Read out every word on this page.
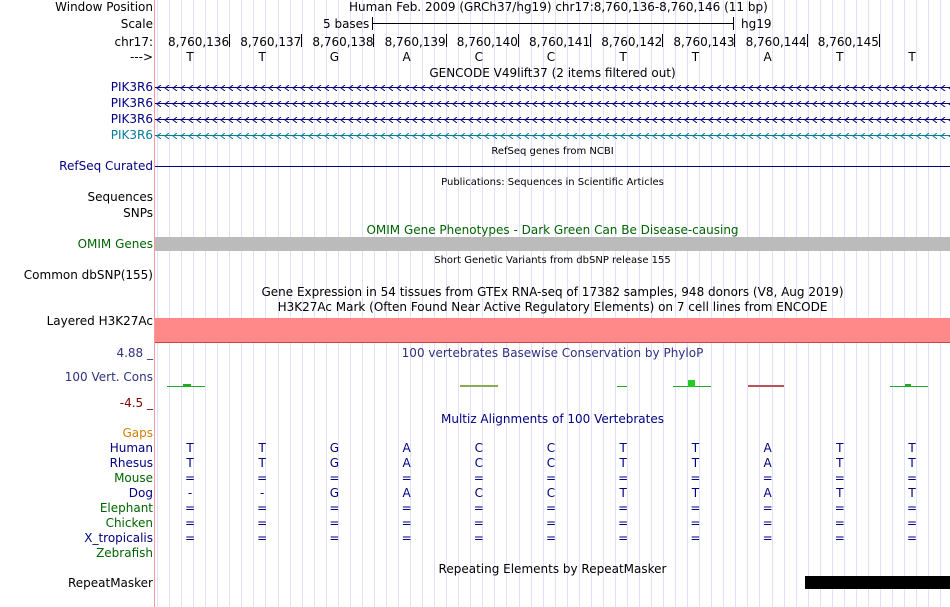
Window Position	Human Feb. 2009 (GRCh37/hg19) chr17:8,760,136-8,760,146 (11 bp)
Scale	5 bases	hg19
chr17: 8,760,136 8,760,137 8,760,138 8,760,139 8,760,140 8,760,141 8,760,142 8,760,143 8,760,144 8,760,145
--->	T	T	G	A	C	C	T	T	A	T	T
GENCODE V49lift37 (2 items filtered out)
PIK3R6
PIK3R6
PIK3R6
PIK3R6
RefSeq genes from NCBI
RefSeq Curated
Publications: Sequences in Scientific Articles
Sequences
SNPs
OMIM Gene Phenotypes - Dark Green Can Be Disease-causing
OMIM Genes
Short Genetic Variants from dbSNP release 155
Common dbSNP(155)
Gene Expression in 54 tissues from GTEx RNA-seq of 17382 samples, 948 donors (V8, Aug 2019)
H3K27Ac Mark (Often Found Near Active Regulatory Elements) on 7 cell lines from ENCODE
Layered H3K27Ac
4.88 _	100 vertebrates Basewise Conservation by PhyloP
100 Vert. Cons
-4.5 _
Multiz Alignments of 100 Vertebrates
Gaps
Human	T	T	G	A	C	C	T	T	A	T	T
Rhesus	T	T	G	A	C	C	T	T	A	T	T
Mouse	=	=	=	=	=	=	=	=	=	=	=
Dog	-	-	G	A	C	C	T	T	A	T	T
Elephant	=	=	=	=	=	=	=	=	=	=	=
Chicken	=	=	=	=	=	=	=	=	=	=	=
X_tropicalis	=	=	=	=	=	=	=	=	=	=	=
Zebrafish
Repeating Elements by RepeatMasker
RepeatMasker
